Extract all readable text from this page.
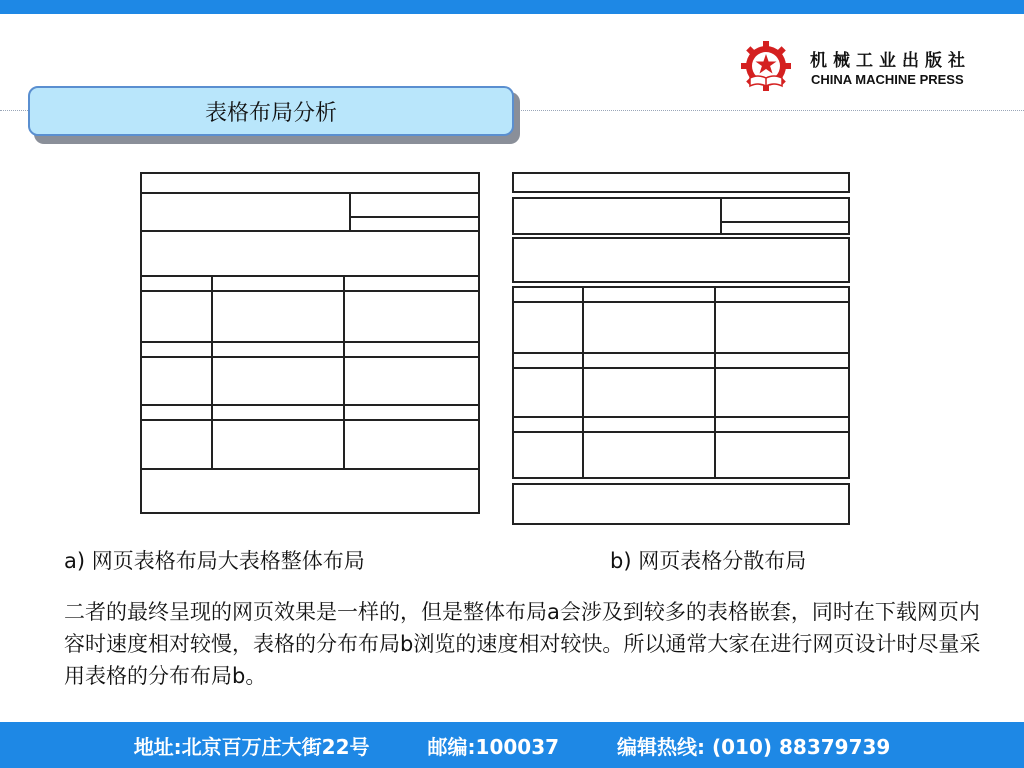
机械工业出版社
CHINA MACHINE PRESS
表格布局分析
a) 网页表格布局大表格整体布局	b) 网页表格分散布局
二者的最终呈现的网页效果是一样的，但是整体布局a会涉及到较多的表格嵌套，同时在下载网页内容时速度相对较慢，表格的分布布局b浏览的速度相对较快。所以通常大家在进行网页设计时尽量采用表格的分布布局b。
地址:北京百万庄大街22号	邮编:100037	编辑热线: (010) 88379739
